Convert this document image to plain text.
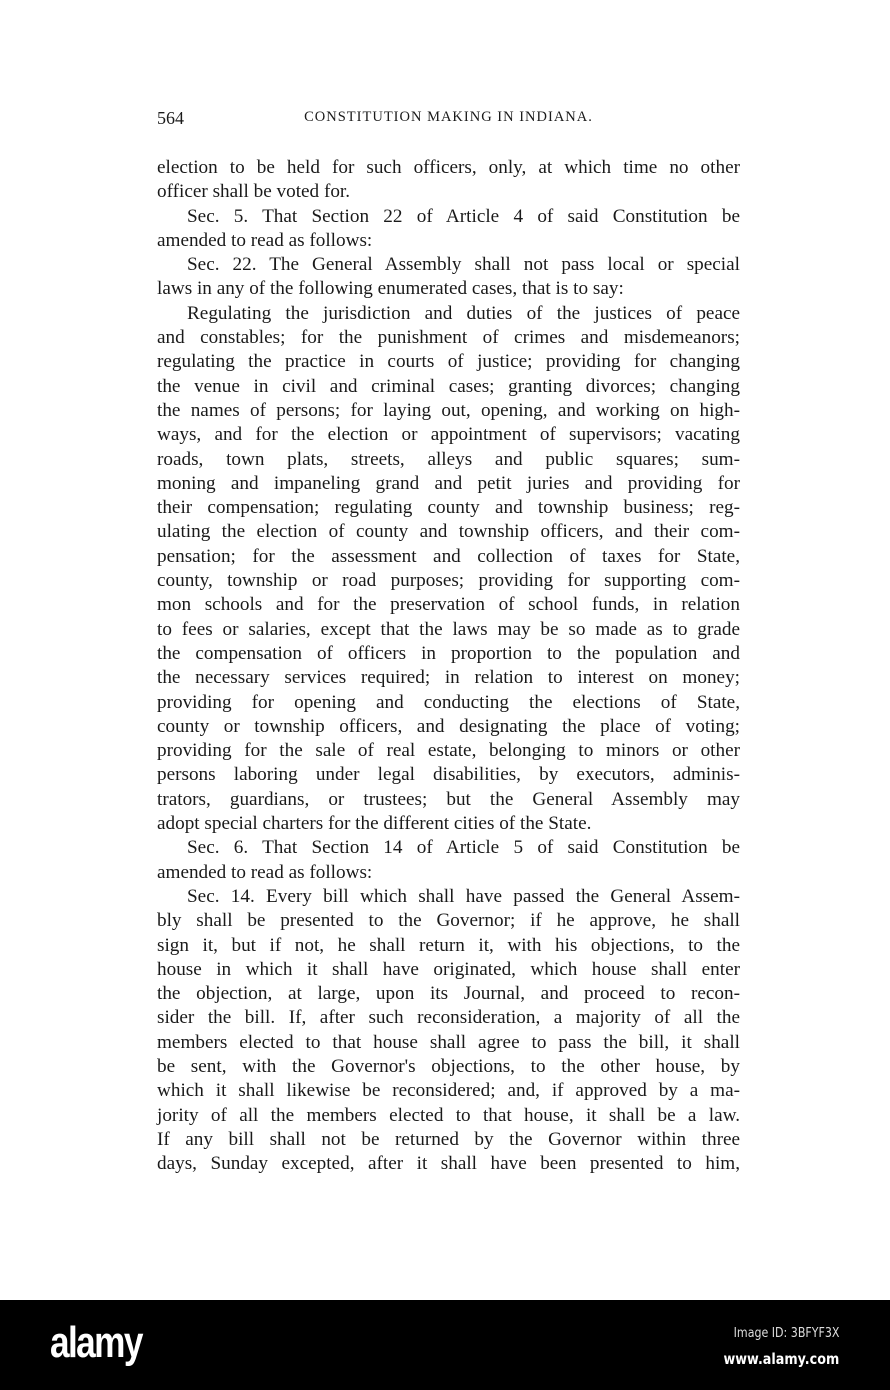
564	CONSTITUTION MAKING IN INDIANA.
election to be held for such officers, only, at which time no other
officer shall be voted for.
Sec. 5. That Section 22 of Article 4 of said Constitution be
amended to read as follows:
Sec. 22. The General Assembly shall not pass local or special
laws in any of the following enumerated cases, that is to say:
Regulating the jurisdiction and duties of the justices of peace
and constables; for the punishment of crimes and misdemeanors;
regulating the practice in courts of justice; providing for changing
the venue in civil and criminal cases; granting divorces; changing
the names of persons; for laying out, opening, and working on high-
ways, and for the election or appointment of supervisors; vacating
roads, town plats, streets, alleys and public squares; sum-
moning and impaneling grand and petit juries and providing for
their compensation; regulating county and township business; reg-
ulating the election of county and township officers, and their com-
pensation; for the assessment and collection of taxes for State,
county, township or road purposes; providing for supporting com-
mon schools and for the preservation of school funds, in relation
to fees or salaries, except that the laws may be so made as to grade
the compensation of officers in proportion to the population and
the necessary services required; in relation to interest on money;
providing for opening and conducting the elections of State,
county or township officers, and designating the place of voting;
providing for the sale of real estate, belonging to minors or other
persons laboring under legal disabilities, by executors, adminis-
trators, guardians, or trustees; but the General Assembly may
adopt special charters for the different cities of the State.
Sec. 6. That Section 14 of Article 5 of said Constitution be
amended to read as follows:
Sec. 14. Every bill which shall have passed the General Assem-
bly shall be presented to the Governor; if he approve, he shall
sign it, but if not, he shall return it, with his objections, to the
house in which it shall have originated, which house shall enter
the objection, at large, upon its Journal, and proceed to recon-
sider the bill. If, after such reconsideration, a majority of all the
members elected to that house shall agree to pass the bill, it shall
be sent, with the Governor's objections, to the other house, by
which it shall likewise be reconsidered; and, if approved by a ma-
jority of all the members elected to that house, it shall be a law.
If any bill shall not be returned by the Governor within three
days, Sunday excepted, after it shall have been presented to him,
alamy	Image ID: 3BFYF3X
www.alamy.com
